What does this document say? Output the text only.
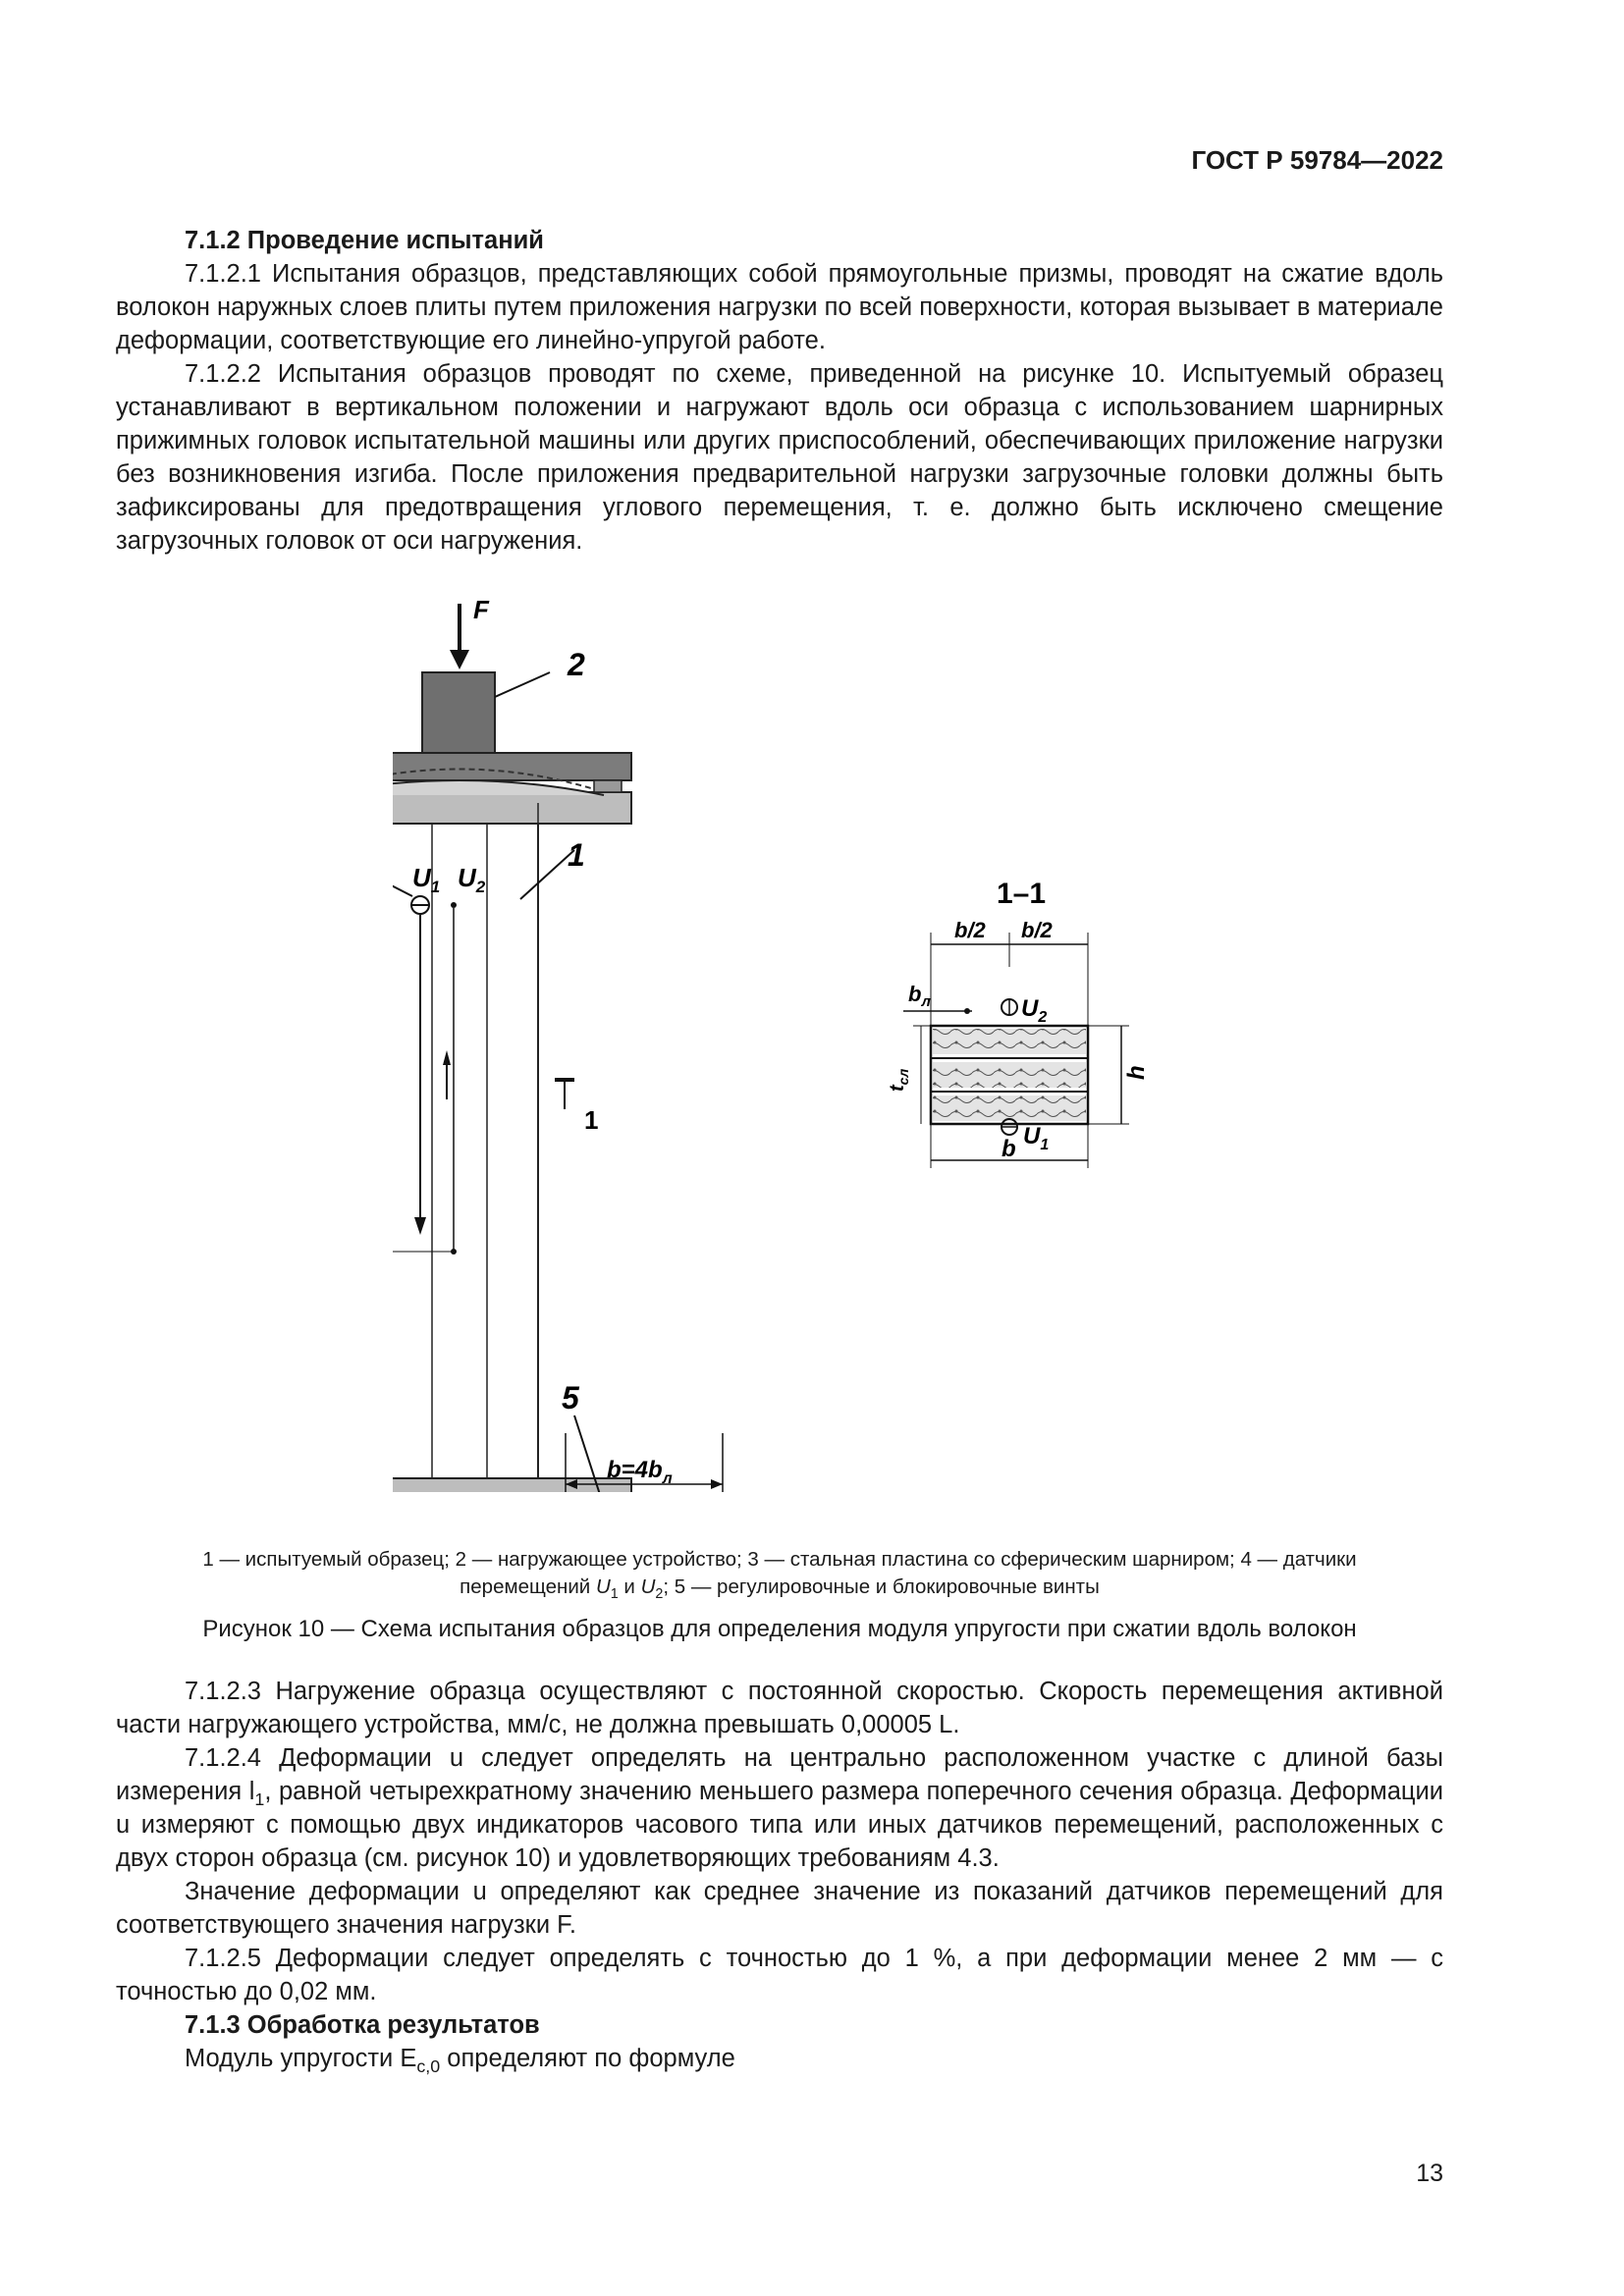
ГОСТ Р 59784—2022

7.1.2 Проведение испытаний

7.1.2.1 Испытания образцов, представляющих собой прямоугольные призмы, проводят на сжатие вдоль волокон наружных слоев плиты путем приложения нагрузки по всей поверхности, которая вызывает в материале деформации, соответствующие его линейно-упругой работе.

7.1.2.2 Испытания образцов проводят по схеме, приведенной на рисунке 10. Испытуемый образец устанавливают в вертикальном положении и нагружают вдоль оси образца с использованием шарнирных прижимных головок испытательной машины или других приспособлений, обеспечивающих приложение нагрузки без возникновения изгиба. После приложения предварительной нагрузки загрузочные головки должны быть зафиксированы для предотвращения углового перемещения, т. е. должно быть исключено смещение загрузочных головок от оси нагружения.

F
2
1
$U_1$ $U_2$
1
5
$b=4b_л$
1–1
b/2 b/2
$b_л$	$U_2$
$t_{сл}$	h
$U_1$
b
1 — испытуемый образец; 2 — нагружающее устройство; 3 — стальная пластина со сферическим шарниром; 4 — датчики
перемещений $U_1$ и $U_2$; 5 — регулировочные и блокировочные винты
Рисунок 10 — Схема испытания образцов для определения модуля упругости при сжатии вдоль волокон

7.1.2.3 Нагружение образца осуществляют с постоянной скоростью. Скорость перемещения активной части нагружающего устройства, мм/с, не должна превышать 0,00005 L.

7.1.2.4 Деформации u следует определять на центрально расположенном участке с длиной базы измерения $l_1$, равной четырехкратному значению меньшего размера поперечного сечения образца. Деформации u измеряют с помощью двух индикаторов часового типа или иных датчиков перемещений, расположенных с двух сторон образца (см. рисунок 10) и удовлетворяющих требованиям 4.3.

Значение деформации u определяют как среднее значение из показаний датчиков перемещений для соответствующего значения нагрузки F.

7.1.2.5 Деформации следует определять с точностью до 1 %, а при деформации менее 2 мм — с точностью до 0,02 мм.

7.1.3 Обработка результатов

Модуль упругости $E_{c,0}$ определяют по формуле

13
